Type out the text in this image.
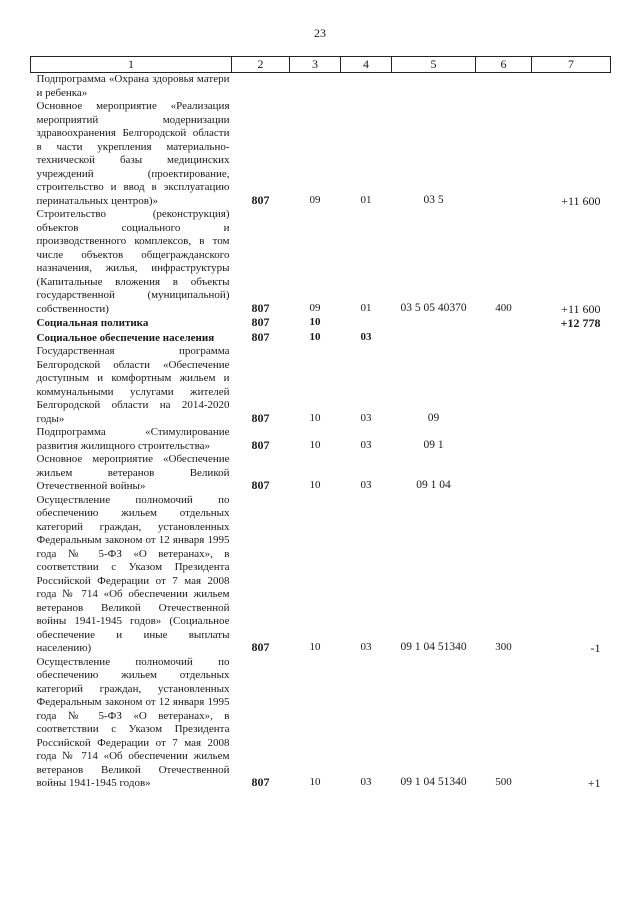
23
1	2	3	4	5	6	7
Подпрограмма «Охрана здоровья матери и ребенка»						
Основное мероприятие «Реализация мероприятий модернизации здравоохранения Белгородской области в части укрепления материально-технической базы медицинских учреждений (проектирование, строительство и ввод в эксплуатацию перинатальных центров)»	807	09	01	03 5		+11 600
Строительство (реконструкция) объектов социального и производственного комплексов, в том числе объектов общегражданского назначения, жилья, инфраструктуры (Капитальные вложения в объекты государственной (муниципальной) собственности)	807	09	01	03 5 05 40370	400	+11 600
Социальная политика	807	10				+12 778
Социальное обеспечение населения	807	10	03			
Государственная программа Белгородской области «Обеспечение доступным и комфортным жильем и коммунальными услугами жителей Белгородской области на 2014-2020 годы»	807	10	03	09		
Подпрограмма «Стимулирование развития жилищного строительства»	807	10	03	09 1		
Основное мероприятие «Обеспечение жильем ветеранов Великой Отечественной войны»	807	10	03	09 1 04		
Осуществление полномочий по обеспечению жильем отдельных категорий граждан, установленных Федеральным законом от 12 января 1995 года № 5-ФЗ «О ветеранах», в соответствии с Указом Президента Российской Федерации от 7 мая 2008 года № 714 «Об обеспечении жильем ветеранов Великой Отечественной войны 1941-1945 годов» (Социальное обеспечение и иные выплаты населению)	807	10	03	09 1 04 51340	300	-1
Осуществление полномочий по обеспечению жильем отдельных категорий граждан, установленных Федеральным законом от 12 января 1995 года № 5-ФЗ «О ветеранах», в соответствии с Указом Президента Российской Федерации от 7 мая 2008 года № 714 «Об обеспечении жильем ветеранов Великой Отечественной войны 1941-1945 годов»	807	10	03	09 1 04 51340	500	+1
